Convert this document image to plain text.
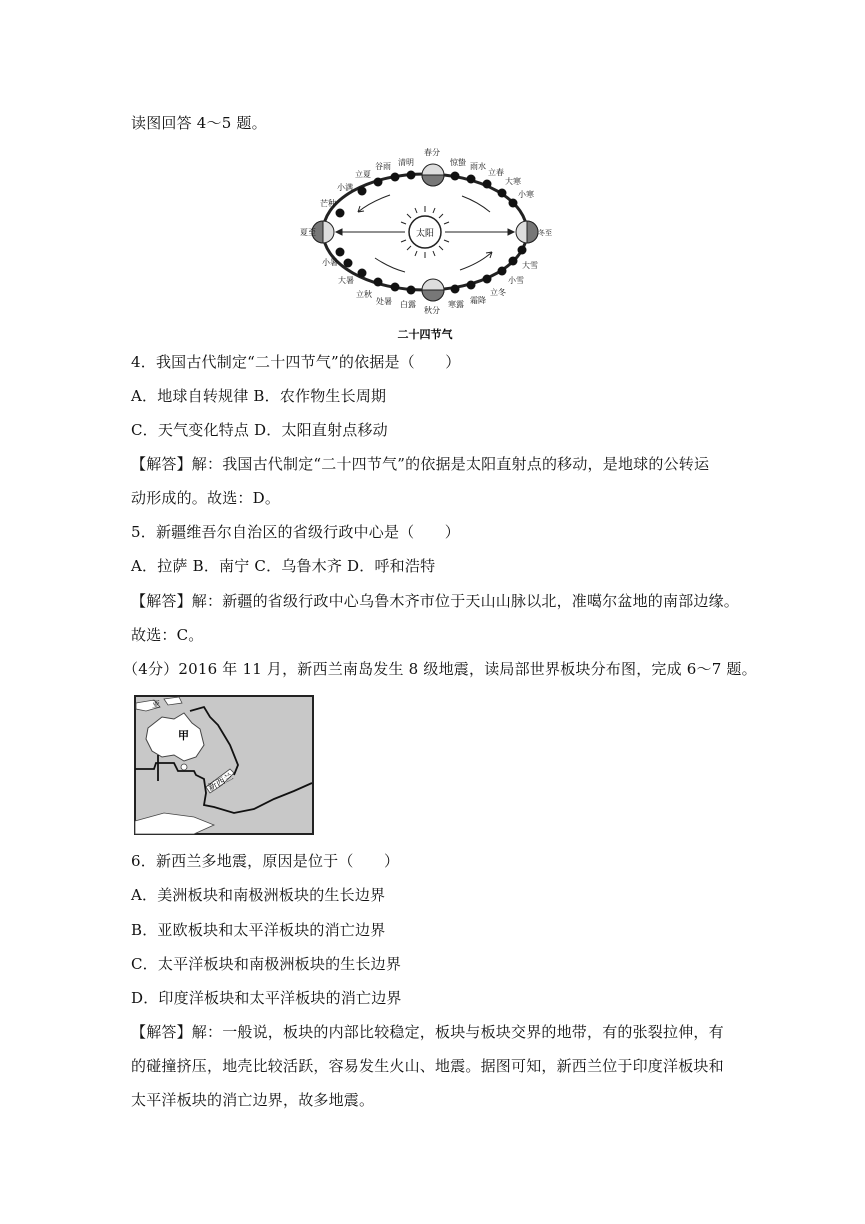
读图回答 4～5 题。
太阳
芒种
小满
立夏
谷雨 清明
春分
惊蛰 雨水
立春
大寒
小寒
夏至	冬至
小暑
大暑
立秋
处暑 白露
秋分
寒露 霜降
立冬
小雪
大雪
二十四节气
4．我国古代制定“二十四节气”的依据是（　　）
A．地球自转规律 B．农作物生长周期
C．天气变化特点 D．太阳直射点移动
【解答】解：我国古代制定“二十四节气”的依据是太阳直射点的移动，是地球的公转运
动形成的。故选：D。
5．新疆维吾尔自治区的省级行政中心是（　　）
A．拉萨 B．南宁 C．乌鲁木齐 D．呼和浩特
【解答】解：新疆的省级行政中心乌鲁木齐市位于天山山脉以北，准噶尔盆地的南部边缘。
故选：C。
（4分）2016 年 11 月，新西兰南岛发生 8 级地震，读局部世界板块分布图，完成 6～7 题。
甲
新西兰
亚
6．新西兰多地震，原因是位于（　　）
A．美洲板块和南极洲板块的生长边界
B．亚欧板块和太平洋板块的消亡边界
C．太平洋板块和南极洲板块的生长边界
D．印度洋板块和太平洋板块的消亡边界
【解答】解：一般说，板块的内部比较稳定，板块与板块交界的地带，有的张裂拉伸，有
的碰撞挤压，地壳比较活跃，容易发生火山、地震。据图可知，新西兰位于印度洋板块和
太平洋板块的消亡边界，故多地震。
